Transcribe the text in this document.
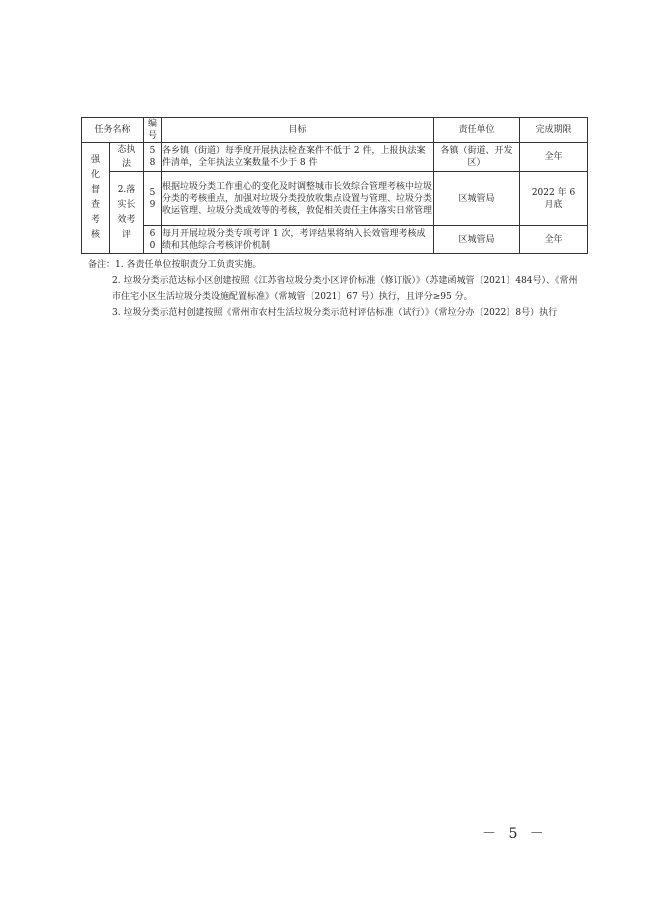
任务名称		编号	目标	责任单位	完成期限
强化督查考核	态执法	58	各乡镇（街道）每季度开展执法检查案件不低于 2 件，上报执法案件清单，全年执法立案数量不少于 8 件	各镇（街道、开发区）	全年
	2.落实长效考评	59	根据垃圾分类工作重心的变化及时调整城市长效综合管理考核中垃圾分类的考核重点，加强对垃圾分类投放收集点设置与管理、垃圾分类收运管理、垃圾分类成效等的考核，敦促相关责任主体落实日常管理	区城管局	2022 年 6 月底
		60	每月开展垃圾分类专项考评 1 次，考评结果将纳入长效管理考核成绩和其他综合考核评价机制	区城管局	全年
备注：1. 各责任单位按职责分工负责实施。
2. 垃圾分类示范达标小区创建按照《江苏省垃圾分类小区评价标准（修订版）》（苏建函城管〔2021〕484号）、《常州市住宅小区生活垃圾分类设施配置标准》（常城管〔2021〕67 号）执行，且评分≥95 分。
3. 垃圾分类示范村创建按照《常州市农村生活垃圾分类示范村评估标准（试行）》（常垃分办〔2022〕8号）执行
－ 5 －
